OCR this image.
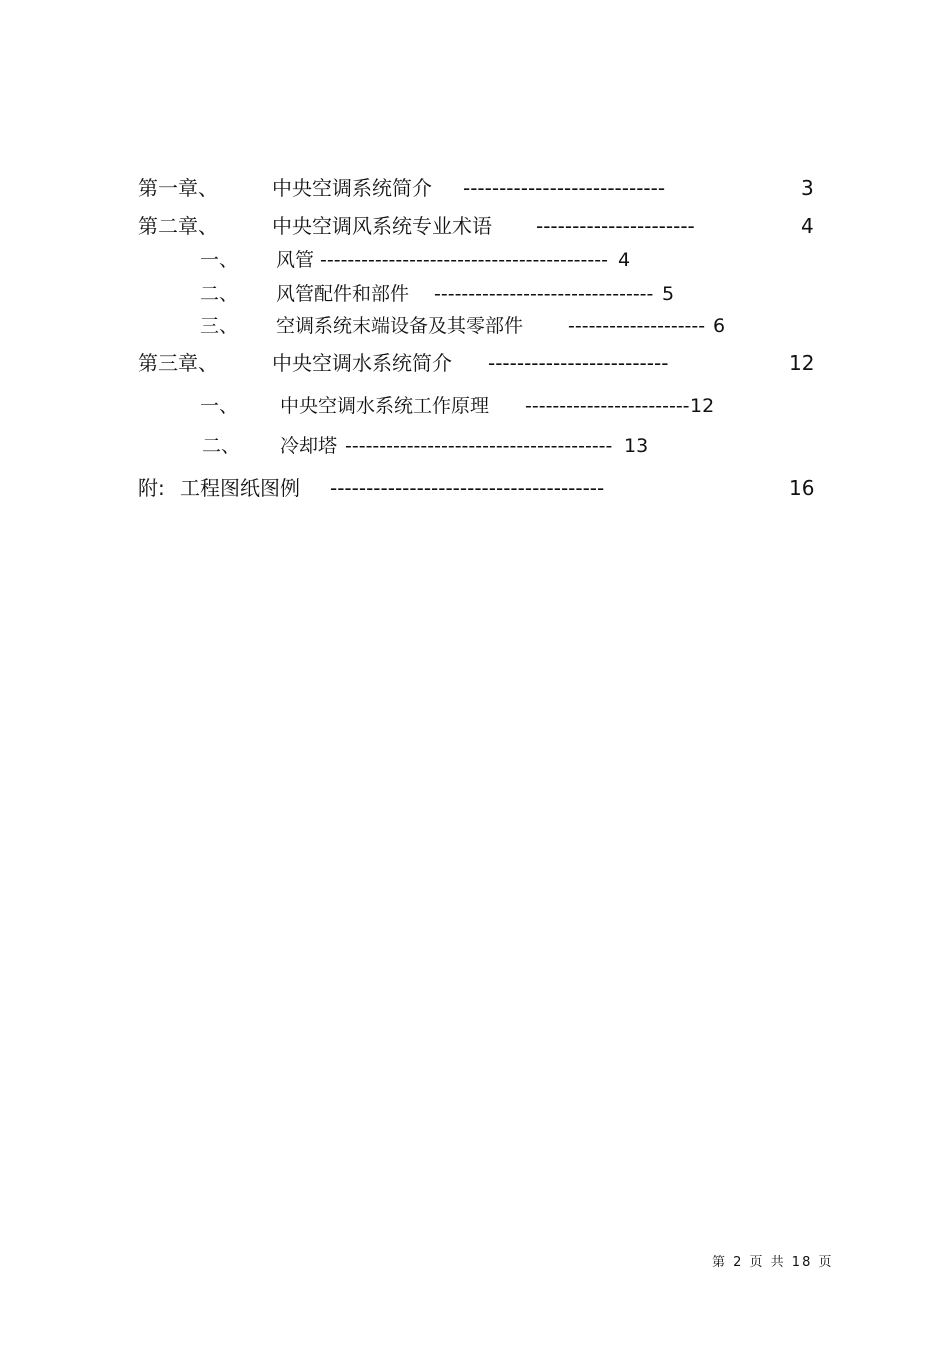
第一章、	中央空调系统简介 ----------------------------	3
第二章、	中央空调风系统专业术语 ----------------------	4
一、 风管 ------------------------------------------ 4
二、 风管配件和部件 -------------------------------- 5
三、 空调系统末端设备及其零部件 -------------------- 6
第三章、	中央空调水系统简介 -------------------------	12
一、 中央空调水系统工作原理 ------------------------ 12
二、 冷却塔 --------------------------------------- 13
附: 工程图纸图例 --------------------------------------	16
第 2 页 共 18 页
